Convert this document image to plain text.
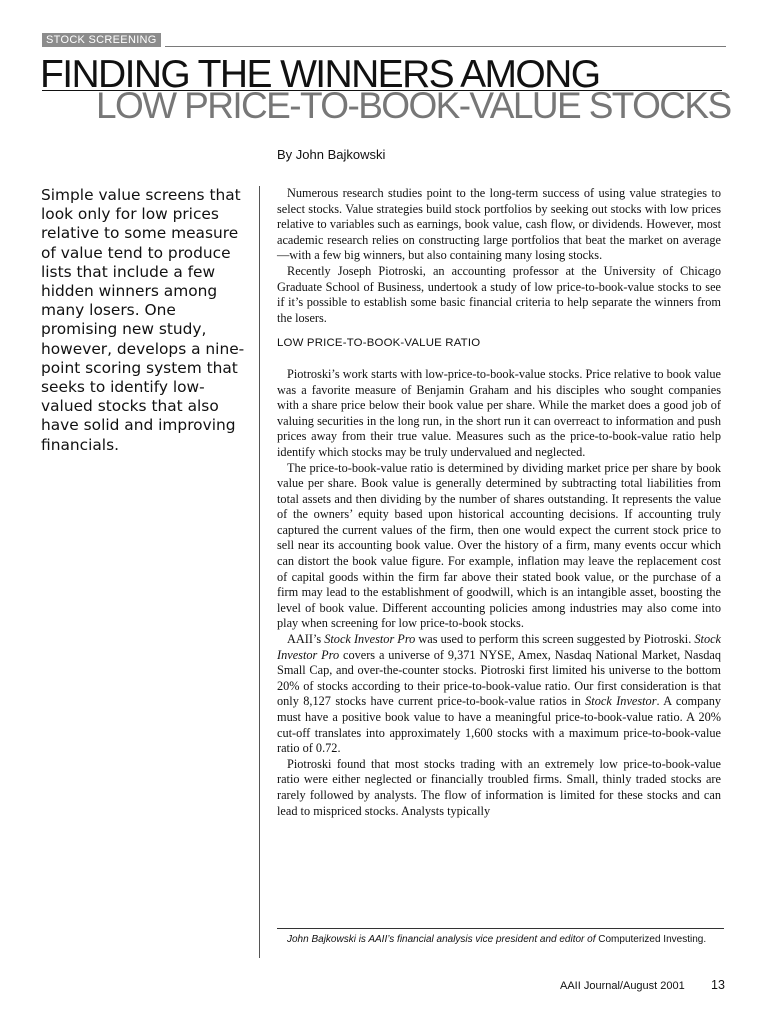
STOCK SCREENING
FINDING THE WINNERS AMONG
LOW PRICE-TO-BOOK-VALUE STOCKS
By John Bajkowski

Simple value screens that look only for low prices relative to some measure of value tend to produce lists that include a few hidden winners among many losers. One promising new study, however, develops a nine-point scoring system that seeks to identify low-valued stocks that also have solid and improving financials.

Numerous research studies point to the long-term success of using value strategies to select stocks. Value strategies build stock portfolios by seeking out stocks with low prices relative to variables such as earnings, book value, cash flow, or dividends. However, most academic research relies on constructing large portfolios that beat the market on average—with a few big winners, but also containing many losing stocks.

Recently Joseph Piotroski, an accounting professor at the University of Chicago Graduate School of Business, undertook a study of low price-to-book-value stocks to see if it’s possible to establish some basic financial criteria to help separate the winners from the losers.

LOW PRICE-TO-BOOK-VALUE RATIO

Piotroski’s work starts with low-price-to-book-value stocks. Price relative to book value was a favorite measure of Benjamin Graham and his disciples who sought companies with a share price below their book value per share. While the market does a good job of valuing securities in the long run, in the short run it can overreact to information and push prices away from their true value. Measures such as the price-to-book-value ratio help identify which stocks may be truly undervalued and neglected.

The price-to-book-value ratio is determined by dividing market price per share by book value per share. Book value is generally determined by subtracting total liabilities from total assets and then dividing by the number of shares outstanding. It represents the value of the owners’ equity based upon historical accounting decisions. If accounting truly captured the current values of the firm, then one would expect the current stock price to sell near its accounting book value. Over the history of a firm, many events occur which can distort the book value figure. For example, inflation may leave the replacement cost of capital goods within the firm far above their stated book value, or the purchase of a firm may lead to the establishment of goodwill, which is an intangible asset, boosting the level of book value. Different accounting policies among industries may also come into play when screening for low price-to-book stocks.

AAII’s Stock Investor Pro was used to perform this screen suggested by Piotroski. Stock Investor Pro covers a universe of 9,371 NYSE, Amex, Nasdaq National Market, Nasdaq Small Cap, and over-the-counter stocks. Piotroski first limited his universe to the bottom 20% of stocks according to their price-to-book-value ratio. Our first consideration is that only 8,127 stocks have current price-to-book-value ratios in Stock Investor. A company must have a positive book value to have a meaningful price-to-book-value ratio. A 20% cut-off translates into approximately 1,600 stocks with a maximum price-to-book-value ratio of 0.72.

Piotroski found that most stocks trading with an extremely low price-to-book-value ratio were either neglected or financially troubled firms. Small, thinly traded stocks are rarely followed by analysts. The flow of information is limited for these stocks and can lead to mispriced stocks. Analysts typically

John Bajkowski is AAII’s financial analysis vice president and editor of Computerized Investing.

AAII Journal/August 2001 13
